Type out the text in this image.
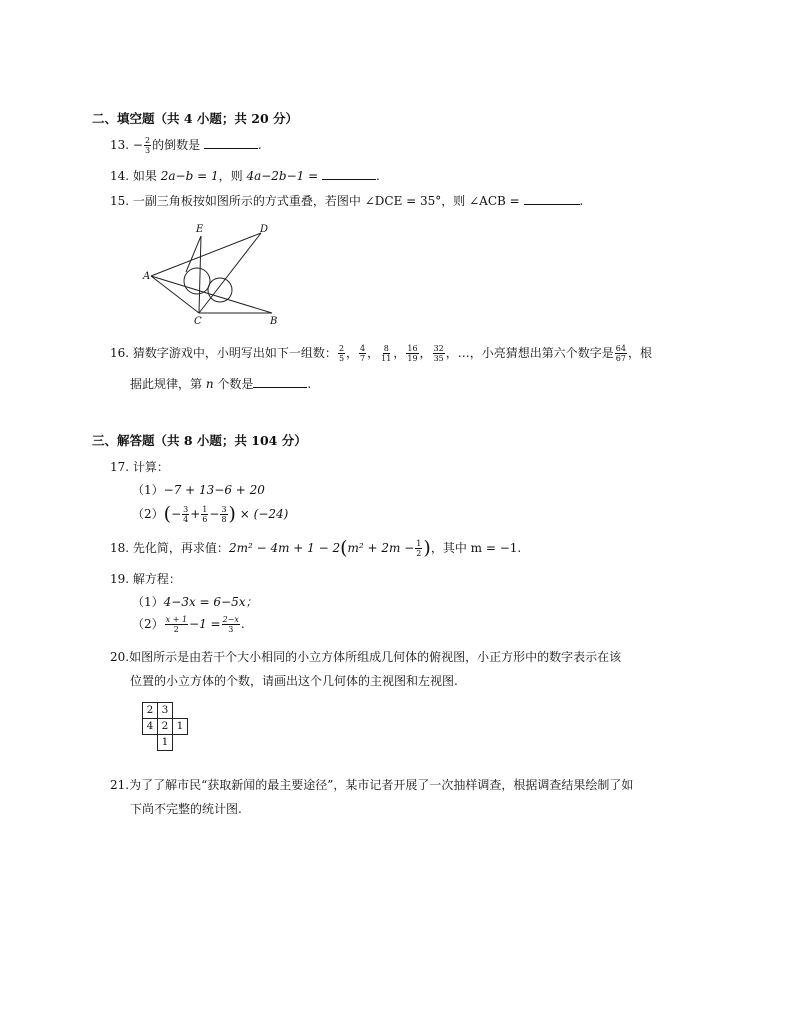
二、填空题（共 4 小题；共 20 分）
13. − $\frac{2}{3}$ 的倒数是	.
14. 如果 2a−b = 1，则 4a−2b−1 =	.
15. 一副三角板按如图所示的方式重叠，若图中 ∠DCE = 35°，则 ∠ACB =	.
E	D
A
C	B
16. 猜数字游戏中，小明写出如下一组数： $\frac{2}{5}$ ， $\frac{4}{7}$ ， $\frac{8}{11}$ ， $\frac{16}{19}$ ， $\frac{32}{35}$ ，…，小亮猜想出第六个数字是 $\frac{64}{67}$ ，根
据此规律，第 n 个数是	.
三、解答题（共 8 小题；共 104 分）
17. 计算：
（1）−7 + 13−6 + 20
$(2)(- \frac{3}{4} + \frac{1}{6} - \frac{3}{8}$ ) × (−24)
18. 先化简，再求值：$2m^2 - 4m + 1 - 2(m^2 + 2m - \frac{1}{2}$ )，其中 m = −1.
19. 解方程：
（1）4−3x = 6−5x；
$(2) \frac{x + 1}{2} -1 = \frac{2-x}{3}$ .
20.如图所示是由若干个大小相同的小立方体所组成几何体的俯视图，小正方形中的数字表示在该
位置的小立方体的个数，请画出这个几何体的主视图和左视图.
2	3	
4	2	1
	1	
21.为了了解市民“获取新闻的最主要途径”，某市记者开展了一次抽样调查，根据调查结果绘制了如
下尚不完整的统计图.
